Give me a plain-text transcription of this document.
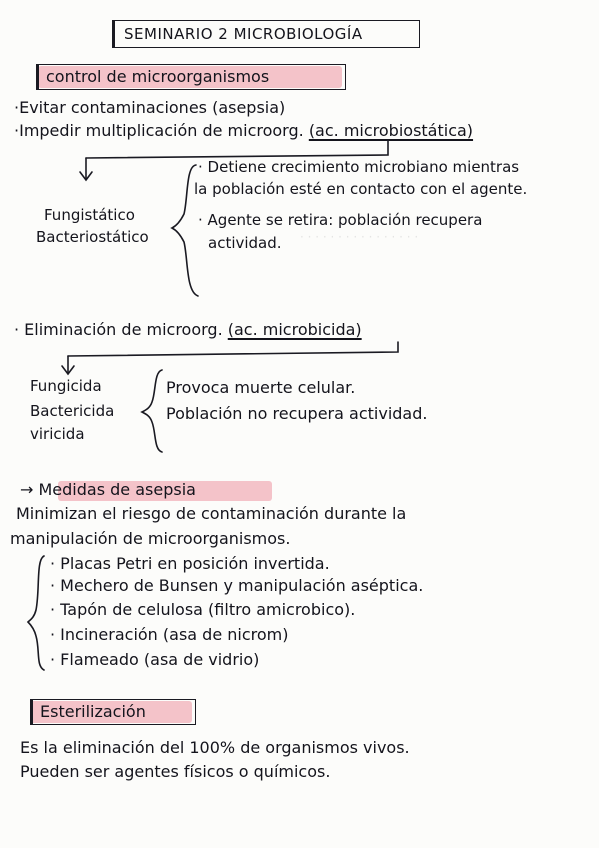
· · · · · · · · · · · · · · · ·
SEMINARIO 2 MICROBIOLOGÍA
control de microorganismos
·Evitar contaminaciones (asepsia)
·Impedir multiplicación de microorg. (ac. microbiostática)
Fungistático
Bacteriostático
· Detiene crecimiento microbiano mientras
la población esté en contacto con el agente.
· Agente se retira: población recupera
actividad.
· Eliminación de microorg. (ac. microbicida)
Fungicida
Bactericida
viricida
Provoca muerte celular.
Población no recupera actividad.
→ Medidas de asepsia
Minimizan el riesgo de contaminación durante la
manipulación de microorganismos.
· Placas Petri en posición invertida.
· Mechero de Bunsen y manipulación aséptica.
· Tapón de celulosa (filtro amicrobico).
· Incineración (asa de nicrom)
· Flameado (asa de vidrio)
Esterilización
Es la eliminación del 100% de organismos vivos.
Pueden ser agentes físicos o químicos.
